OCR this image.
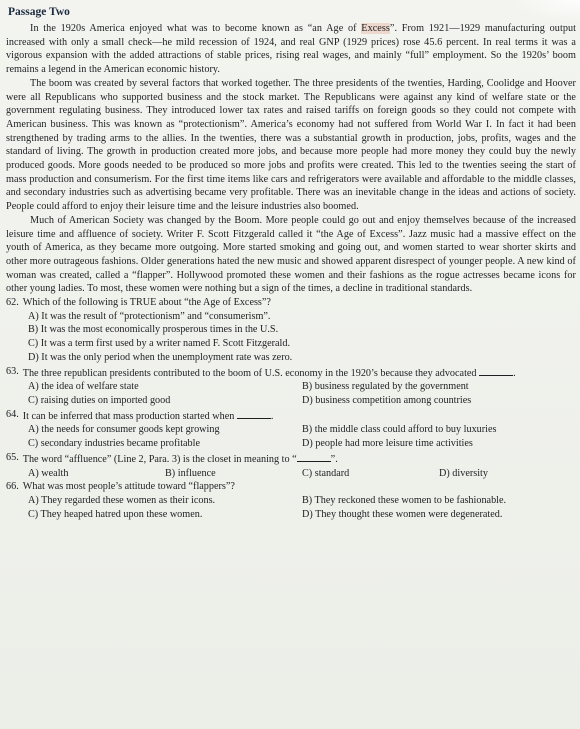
Passage Two

In the 1920s America enjoyed what was to become known as “an Age of Excess”. From 1921—1929 manufacturing output increased with only a small check—he mild recession of 1924, and real GNP (1929 prices) rose 45.6 percent. In real terms it was a vigorous expansion with the added attractions of stable prices, rising real wages, and mainly “full” employment. So the 1920s’ boom remains a legend in the American economic history.

The boom was created by several factors that worked together. The three presidents of the twenties, Harding, Coolidge and Hoover were all Republicans who supported business and the stock market. The Republicans were against any kind of welfare state or the government regulating business. They introduced lower tax rates and raised tariffs on foreign goods so they could not compete with American business. This was known as “protectionism”. America’s economy had not suffered from World War I. In fact it had been strengthened by trading arms to the allies. In the twenties, there was a substantial growth in production, jobs, profits, wages and the standard of living. The growth in production created more jobs, and because more people had more money they could buy the newly produced goods. More goods needed to be produced so more jobs and profits were created. This led to the twenties seeing the start of mass production and consumerism. For the first time items like cars and refrigerators were available and affordable to the middle classes, and secondary industries such as advertising became very profitable. There was an inevitable change in the ideas and actions of society. People could afford to enjoy their leisure time and the leisure industries also boomed.

Much of American Society was changed by the Boom. More people could go out and enjoy themselves because of the increased leisure time and affluence of society. Writer F. Scott Fitzgerald called it “the Age of Excess”. Jazz music had a massive effect on the youth of America, as they became more outgoing. More started smoking and going out, and women started to wear shorter skirts and other more outrageous fashions. Older generations hated the new music and showed apparent disrespect of younger people. A new kind of woman was created, called a “flapper”. Hollywood promoted these women and their fashions as the rogue actresses became icons for other young ladies. To most, these women were nothing but a sign of the times, a decline in traditional standards.

62. Which of the following is TRUE about “the Age of Excess”?
A) It was the result of “protectionism” and “consumerism”.
B) It was the most economically prosperous times in the U.S.
C) It was a term first used by a writer named F. Scott Fitzgerald.
D) It was the only period when the unemployment rate was zero.
63. The three republican presidents contributed to the boom of U.S. economy in the 1920’s because they advocated	.
A) the idea of welfare state	B) business regulated by the government
C) raising duties on imported good	D) business competition among countries
64. It can be inferred that mass production started when	.
A) the needs for consumer goods kept growing	B) the middle class could afford to buy luxuries
C) secondary industries became profitable	D) people had more leisure time activities
65. The word “affluence” (Line 2, Para. 3) is the closet in meaning to “	”.
A) wealth	B) influence	C) standard	D) diversity
66. What was most people’s attitude toward “flappers”?
A) They regarded these women as their icons.	B) They reckoned these women to be fashionable.
C) They heaped hatred upon these women.	D) They thought these women were degenerated.
